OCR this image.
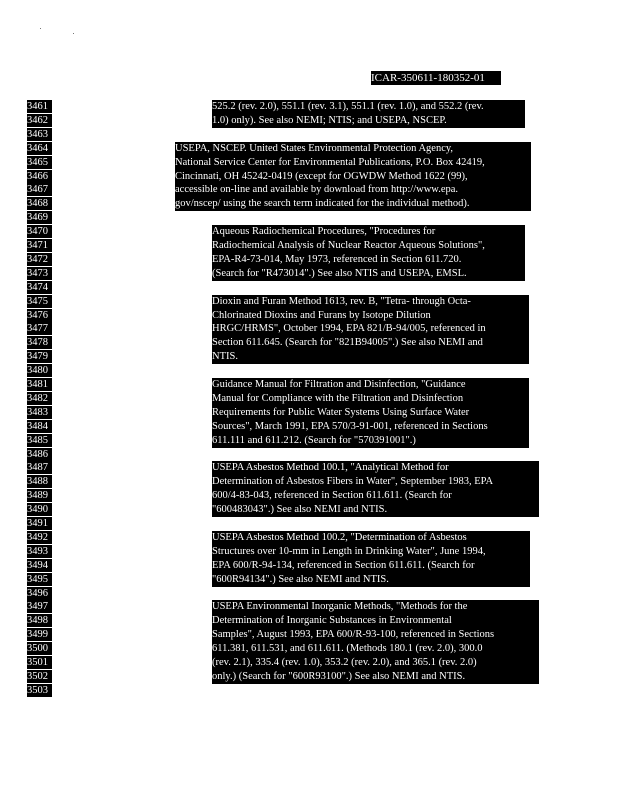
ICAR-350611-180352-01
3461
3462
3463
3464
3465
3466
3467
3468
3469
3470
3471
3472
3473
3474
3475
3476
3477
3478
3479
3480
3481
3482
3483
3484
3485
3486
3487
3488
3489
3490
3491
3492
3493
3494
3495
3496
3497
3498
3499
3500
3501
3502
3503
525.2 (rev. 2.0), 551.1 (rev. 3.1), 551.1 (rev. 1.0), and 552.2 (rev.
1.0) only). See also NEMI; NTIS; and USEPA, NSCEP.
USEPA, NSCEP. United States Environmental Protection Agency,
National Service Center for Environmental Publications, P.O. Box 42419,
Cincinnati, OH 45242-0419 (except for OGWDW Method 1622 (99),
accessible on-line and available by download from http://www.epa.
gov/nscep/ using the search term indicated for the individual method).
Aqueous Radiochemical Procedures, "Procedures for
Radiochemical Analysis of Nuclear Reactor Aqueous Solutions",
EPA-R4-73-014, May 1973, referenced in Section 611.720.
(Search for "R473014".) See also NTIS and USEPA, EMSL.
Dioxin and Furan Method 1613, rev. B, "Tetra- through Octa-
Chlorinated Dioxins and Furans by Isotope Dilution
HRGC/HRMS", October 1994, EPA 821/B-94/005, referenced in
Section 611.645. (Search for "821B94005".) See also NEMI and
NTIS.
Guidance Manual for Filtration and Disinfection, "Guidance
Manual for Compliance with the Filtration and Disinfection
Requirements for Public Water Systems Using Surface Water
Sources", March 1991, EPA 570/3-91-001, referenced in Sections
611.111 and 611.212. (Search for "570391001".)
USEPA Asbestos Method 100.1, "Analytical Method for
Determination of Asbestos Fibers in Water", September 1983, EPA
600/4-83-043, referenced in Section 611.611. (Search for
"600483043".) See also NEMI and NTIS.
USEPA Asbestos Method 100.2, "Determination of Asbestos
Structures over 10-mm in Length in Drinking Water", June 1994,
EPA 600/R-94-134, referenced in Section 611.611. (Search for
"600R94134".) See also NEMI and NTIS.
USEPA Environmental Inorganic Methods, "Methods for the
Determination of Inorganic Substances in Environmental
Samples", August 1993, EPA 600/R-93-100, referenced in Sections
611.381, 611.531, and 611.611. (Methods 180.1 (rev. 2.0), 300.0
(rev. 2.1), 335.4 (rev. 1.0), 353.2 (rev. 2.0), and 365.1 (rev. 2.0)
only.) (Search for "600R93100".) See also NEMI and NTIS.
